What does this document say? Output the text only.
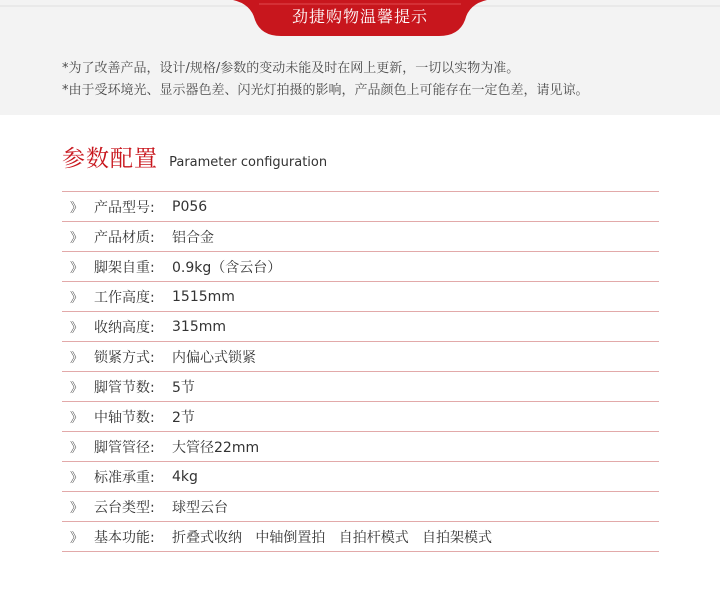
劲捷购物温馨提示
*为了改善产品，设计/规格/参数的变动未能及时在网上更新，一切以实物为准。
*由于受环境光、显示器色差、闪光灯拍摄的影响，产品颜色上可能存在一定色差，请见谅。
参数配置 Parameter configuration
》 产品型号:	P056
》 产品材质:	铝合金
》 脚架自重:	0.9kg（含云台）
》 工作高度:	1515mm
》 收纳高度:	315mm
》 锁紧方式:	内偏心式锁紧
》 脚管节数:	5节
》 中轴节数:	2节
》 脚管管径:	大管径22mm
》 标准承重:	4kg
》 云台类型:	球型云台
》 基本功能:	折叠式收纳   中轴倒置拍   自拍杆模式   自拍架模式
